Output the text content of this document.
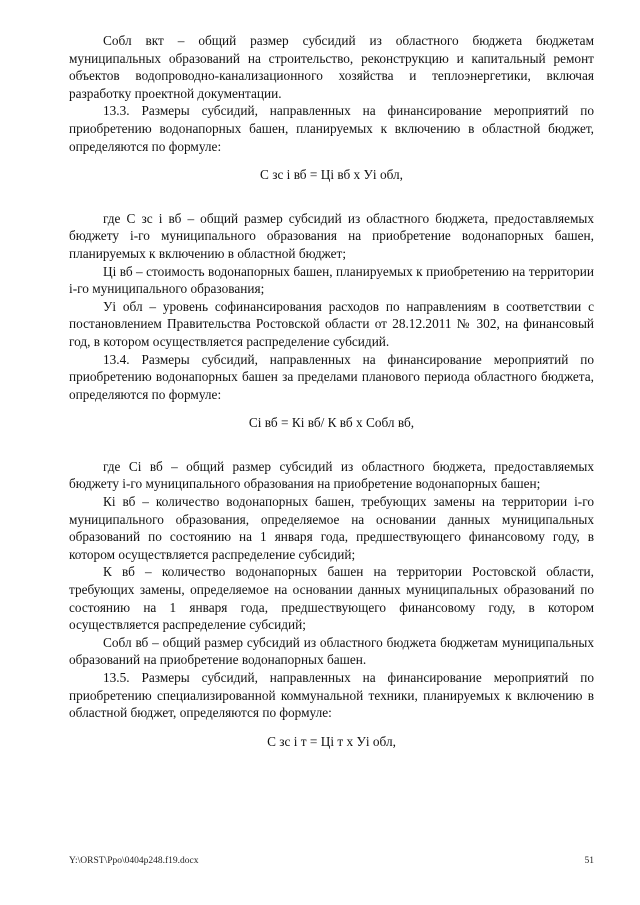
Собл вкт – общий размер субсидий из областного бюджета бюджетам муниципальных образований на строительство, реконструкцию и капитальный ремонт объектов водопроводно-канализационного хозяйства и теплоэнергетики, включая разработку проектной документации.

13.3. Размеры субсидий, направленных на финансирование мероприятий по приобретению водонапорных башен, планируемых к включению в областной бюджет, определяются по формуле:

С зс і вб = Ці вб х Уі обл,

где С зс і вб – общий размер субсидий из областного бюджета, предоставляемых бюджету і-го муниципального образования на приобретение водонапорных башен, планируемых к включению в областной бюджет;

Ці вб – стоимость водонапорных башен, планируемых к приобретению на территории і-го муниципального образования;

Уі обл – уровень софинансирования расходов по направлениям в соответствии с постановлением Правительства Ростовской области от 28.12.2011 № 302, на финансовый год, в котором осуществляется распределение субсидий.

13.4. Размеры субсидий, направленных на финансирование мероприятий по приобретению водонапорных башен за пределами планового периода областного бюджета, определяются по формуле:

Сі вб = Кі вб/ К вб х Собл вб,

где Сі вб – общий размер субсидий из областного бюджета, предоставляемых бюджету і-го муниципального образования на приобретение водонапорных башен;

Кі вб – количество водонапорных башен, требующих замены на территории і-го муниципального образования, определяемое на основании данных муниципальных образований по состоянию на 1 января года, предшествующего финансовому году, в котором осуществляется распределение субсидий;

К вб – количество водонапорных башен на территории Ростовской области, требующих замены, определяемое на основании данных муниципальных образований по состоянию на 1 января года, предшествующего финансовому году, в котором осуществляется распределение субсидий;

Собл вб – общий размер субсидий из областного бюджета бюджетам муниципальных образований на приобретение водонапорных башен.

13.5. Размеры субсидий, направленных на финансирование мероприятий по приобретению специализированной коммунальной техники, планируемых к включению в областной бюджет, определяются по формуле:

С зс і т = Ці т х Уі обл,

Y:\ORST\Ppo\0404p248.f19.docx	51
